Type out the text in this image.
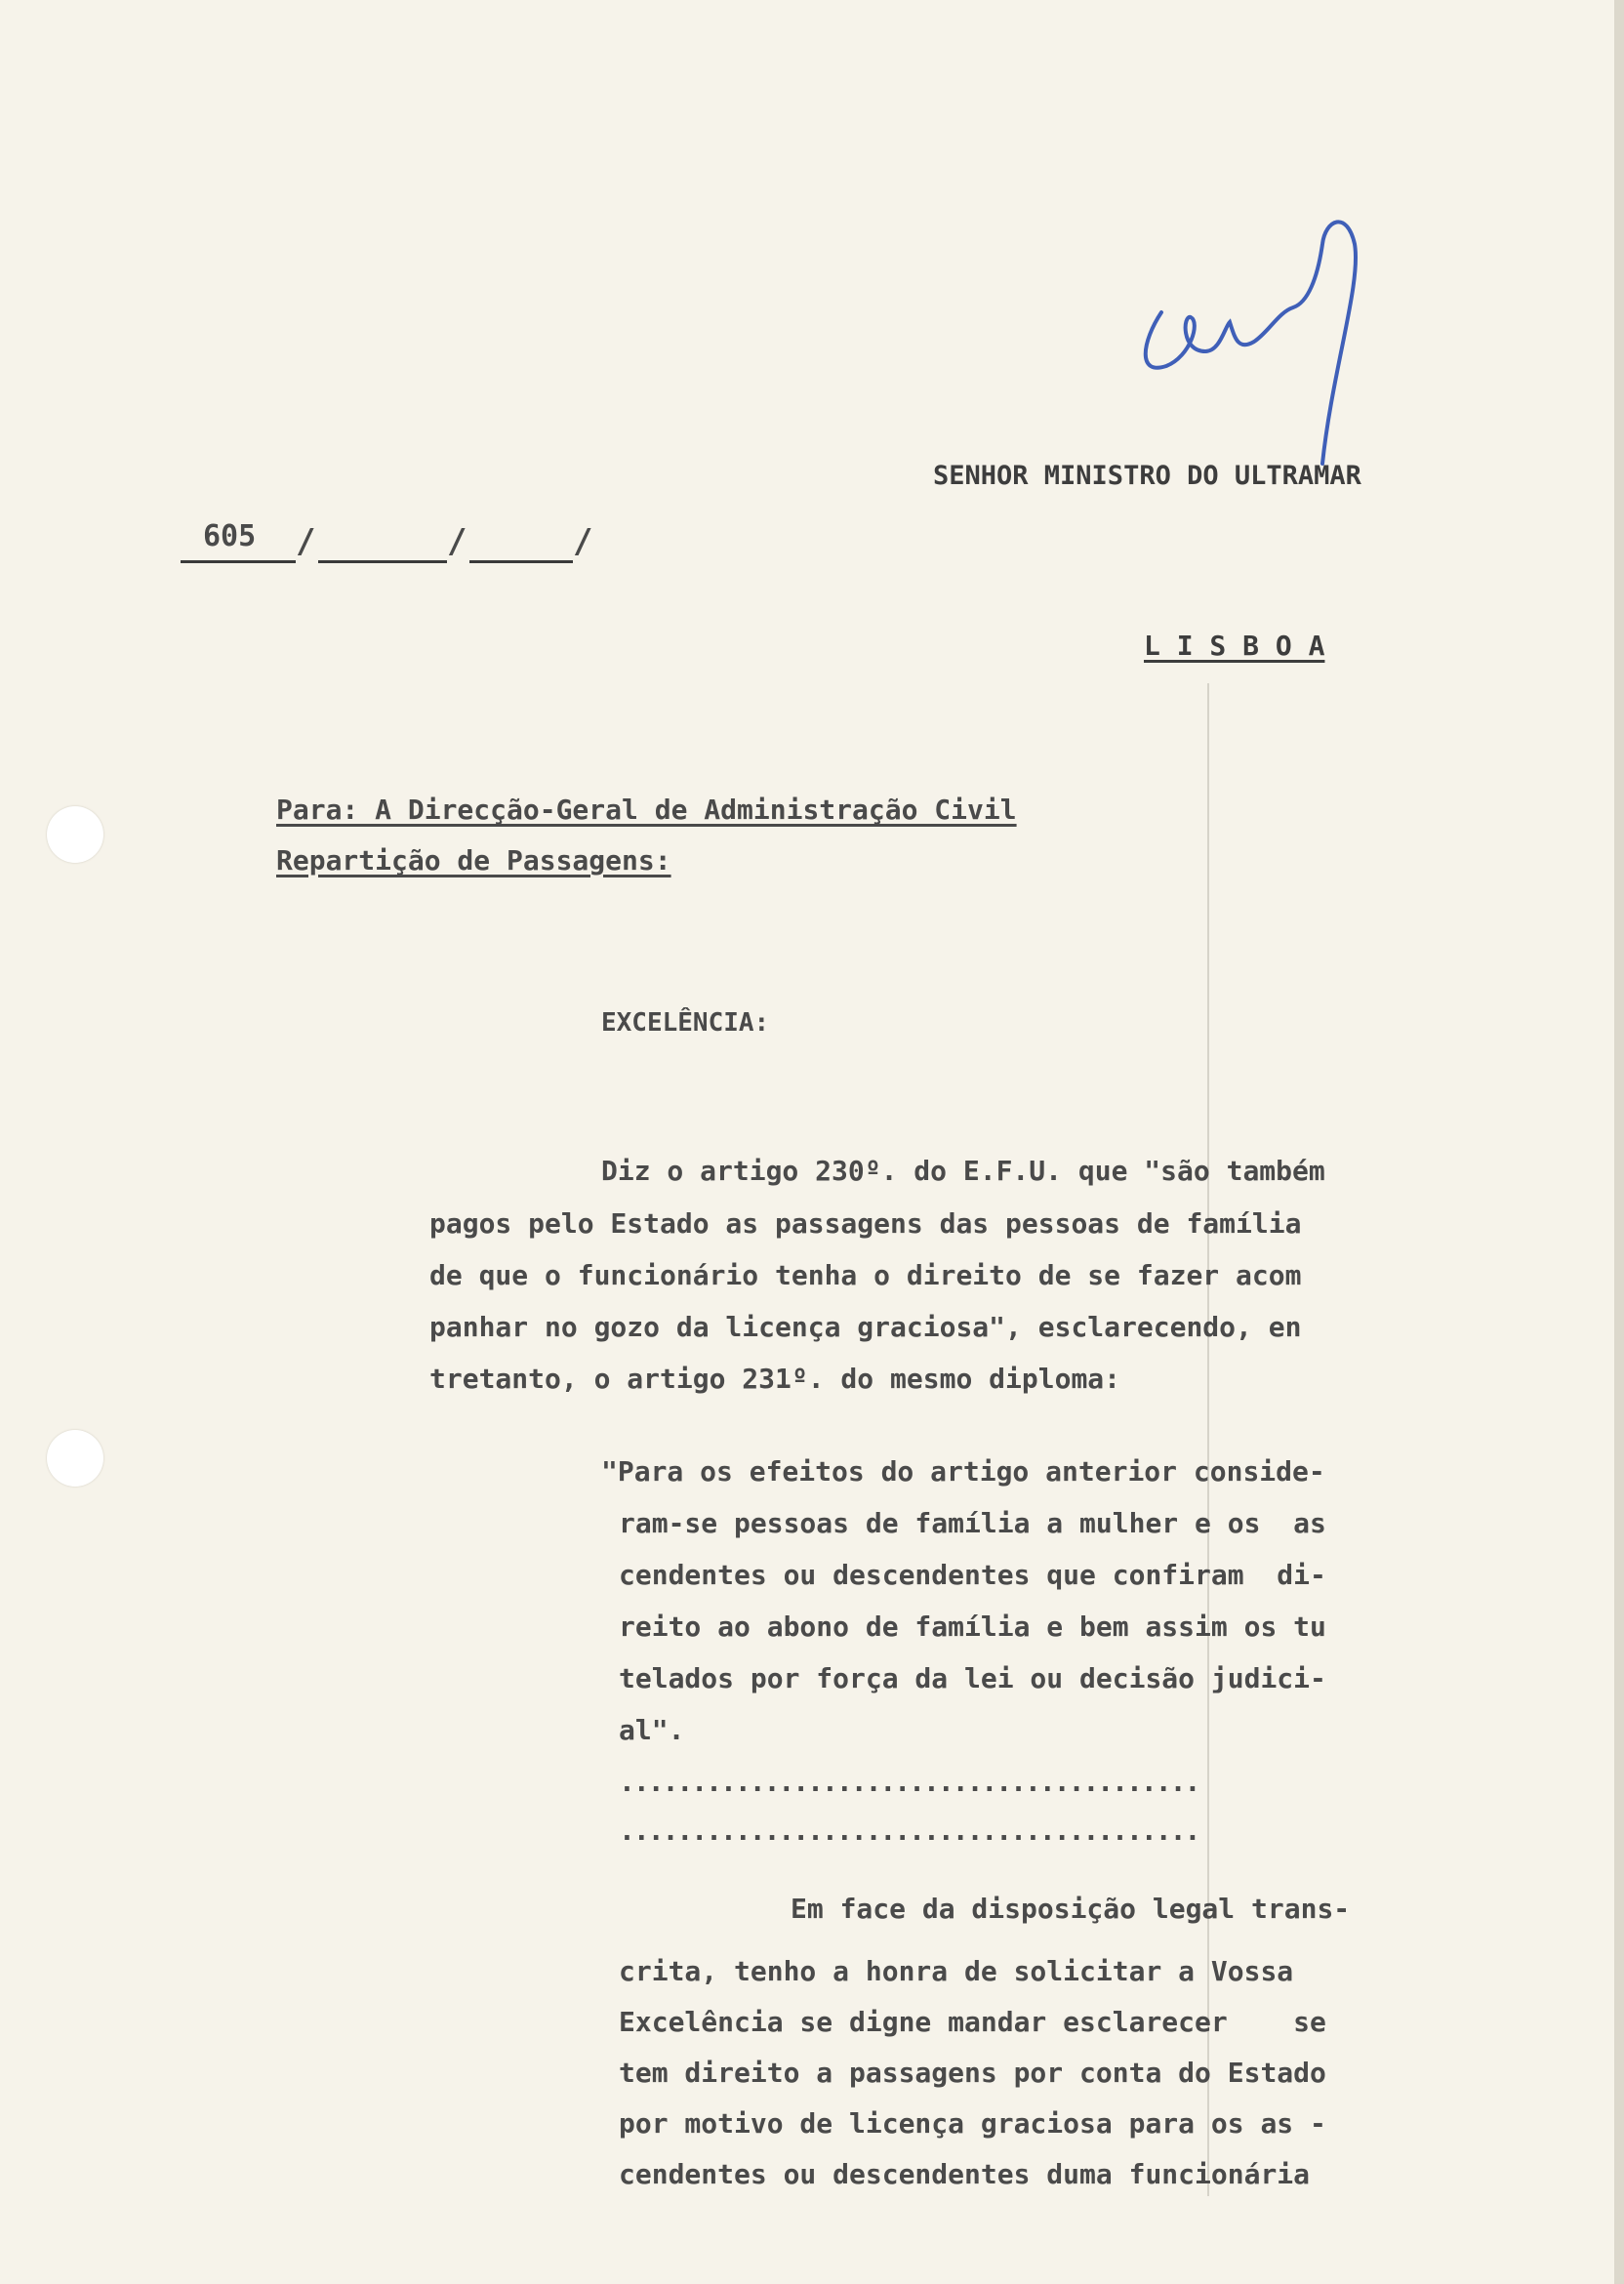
SENHOR MINISTRO DO ULTRAMAR
605 /	/	/
L I S B O A
Para: A Direcção-Geral de Administração Civil
Repartição de Passagens:
EXCELÊNCIA:
Diz o artigo 230º. do E.F.U. que "são também
pagos pelo Estado as passagens das pessoas de família
de que o funcionário tenha o direito de se fazer acom
panhar no gozo da licença graciosa", esclarecendo, en
tretanto, o artigo 231º. do mesmo diploma:
"Para os efeitos do artigo anterior conside-
ram-se pessoas de família a mulher e os  as
cendentes ou descendentes que confiram  di-
reito ao abono de família e bem assim os tu
telados por força da lei ou decisão judici-
al".
........................................
........................................
Em face da disposição legal trans-
crita, tenho a honra de solicitar a Vossa
Excelência se digne mandar esclarecer    se
tem direito a passagens por conta do Estado
por motivo de licença graciosa para os as -
cendentes ou descendentes duma funcionária
